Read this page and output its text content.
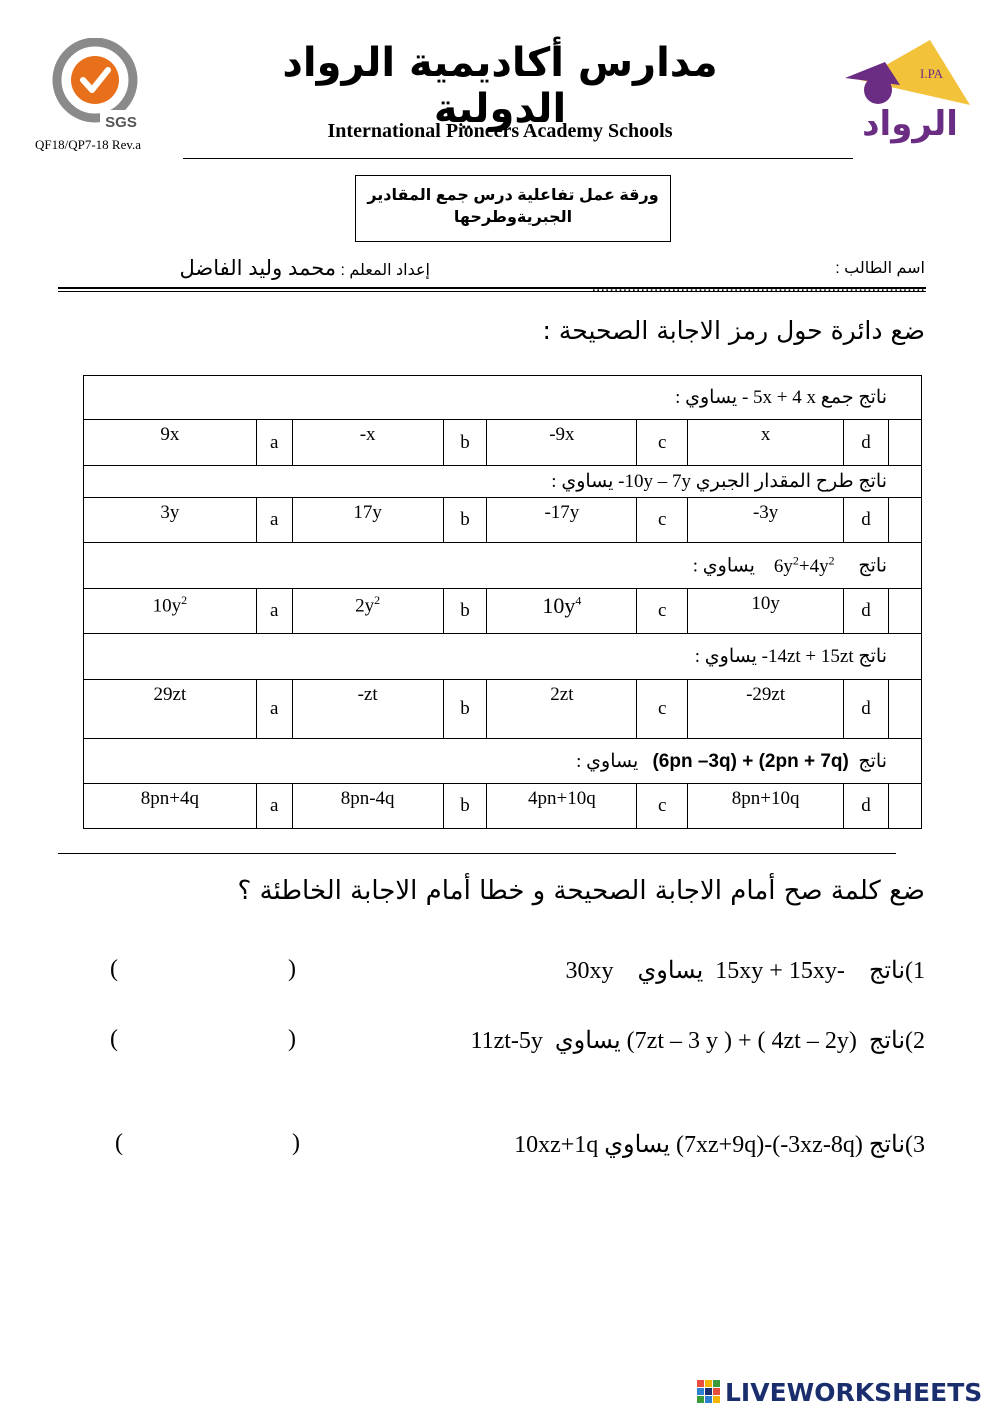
SGS
QF18/QP7-18 Rev.a
مدارس أكاديمية الرواد الدولية
International Pioneers Academy Schools
I.PA
الرواد
ورقة عمل تفاعلية درس جمع المقادير
الجبريةوطرحها
اسم الطالب :
إعداد المعلم : محمد وليد الفاضل
ضع دائرة حول رمز الاجابة الصحيحة :
ناتج جمع 5x + 4 x - يساوي :								
9x	a	-x	b	-9x	c	x	d	
ناتج طرح المقدار الجبري 10y – 7y- يساوي :								
3y	a	17y	b	-17y	c	-3y	d	
ناتج     $6y^2+4y^2$    يساوي :								
$10y^2$	a	$2y^2$	b	$10y^4$	c	10y	d	
ناتج 14zt + 15zt- يساوي :								
29zt	a	-zt	b	2zt	c	-29zt	d	
ناتج  (6pn –3q) + (2pn + 7q)   يساوي :								
8pn+4q	a	8pn-4q	b	4pn+10q	c	8pn+10q	d	
ضع كلمة صح أمام الاجابة الصحيحة و خطا أمام الاجابة الخاطئة ؟
1)ناتج    15xy + 15xy-  يساوي    30xy
(	)
2)ناتج  (7zt – 3 y ) + ( 4zt – 2y) يساوي  11zt-5y
(	)
3)ناتج (7xz+9q)-(-3xz-8q) يساوي 10xz+1q
(	)
LIVEWORKSHEETS
